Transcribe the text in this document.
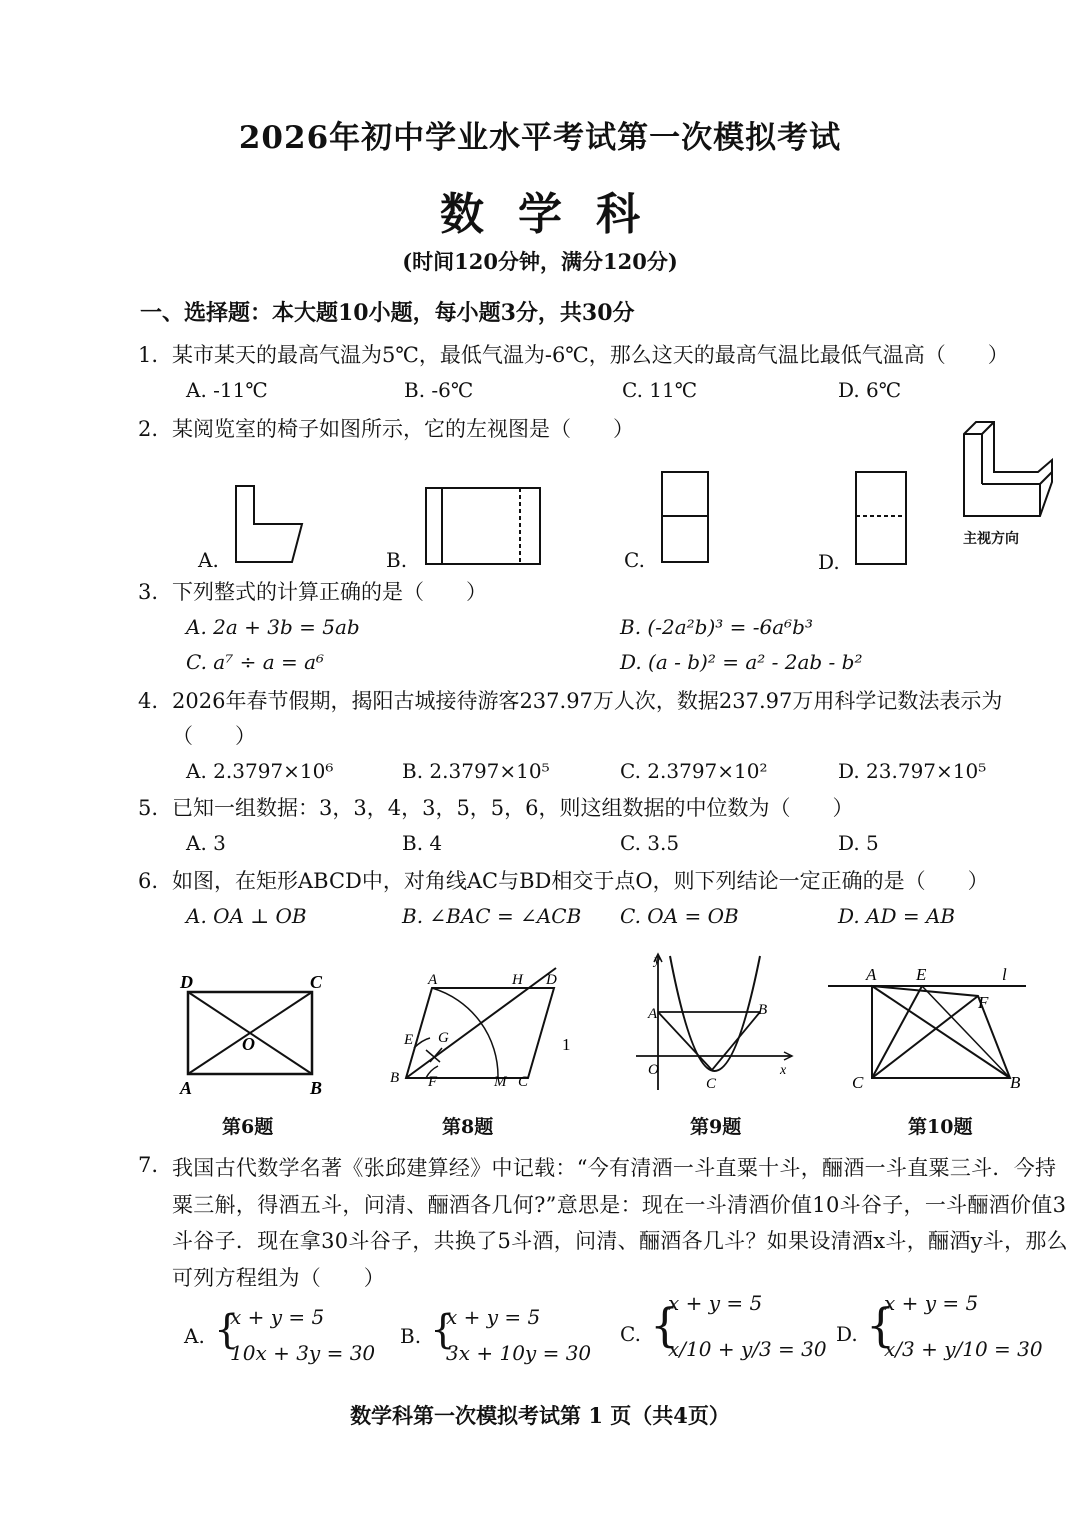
2026年初中学业水平考试第一次模拟考试
数学科
(时间120分钟，满分120分)
一、选择题：本大题10小题，每小题3分，共30分
1. 某市某天的最高气温为5℃，最低气温为-6℃，那么这天的最高气温比最低气温高（　　）
A. -11℃	B. -6℃	C. 11℃	D. 6℃
2. 某阅览室的椅子如图所示，它的左视图是（　　）
A.	B.	C.	D.
主视方向
3. 下列整式的计算正确的是（　　）
A. 2a + 3b = 5ab	B. (-2a²b)³ = -6a⁶b³
C. a⁷ ÷ a = a⁶	D. (a - b)² = a² - 2ab - b²
4. 2026年春节假期，揭阳古城接待游客237.97万人次，数据237.97万用科学记数法表示为
（　　）
A. 2.3797×10⁶	B. 2.3797×10⁵	C. 2.3797×10²	D. 23.797×10⁵
5. 已知一组数据：3，3，4，3，5，5，6，则这组数据的中位数为（　　）
A. 3	B. 4	C. 3.5	D. 5
6. 如图，在矩形ABCD中，对角线AC与BD相交于点O，则下列结论一定正确的是（　　）
A. OA ⊥ OB	B. ∠BAC = ∠ACB C. OA = OB	D. AD = AB
D	C
O
A	B
第6题
A	H D
E G
B F	M C
1
第8题
y
A	B
O
C
x
第9题
A E	l
F
C	B
第10题
7. 我国古代数学名著《张邱建算经》中记载：“今有清酒一斗直粟十斗，酾酒一斗直粟三斗．今持粟三斛，得酒五斗，问清、酾酒各几何?”意思是：现在一斗清酒价值10斗谷子，一斗酾酒价值3斗谷子．现在拿30斗谷子，共换了5斗酒，问清、酾酒各几斗？如果设清酒x斗，酾酒y斗，那么可列方程组为（　　）
A. {
x + y = 5
10x + 3y = 30
B. {
x + y = 5
3x + 10y = 30
C. {
x + y = 5
x/10 + y/3 = 30
D. {
x + y = 5
x/3 + y/10 = 30
数学科第一次模拟考试第 1 页（共4页）
